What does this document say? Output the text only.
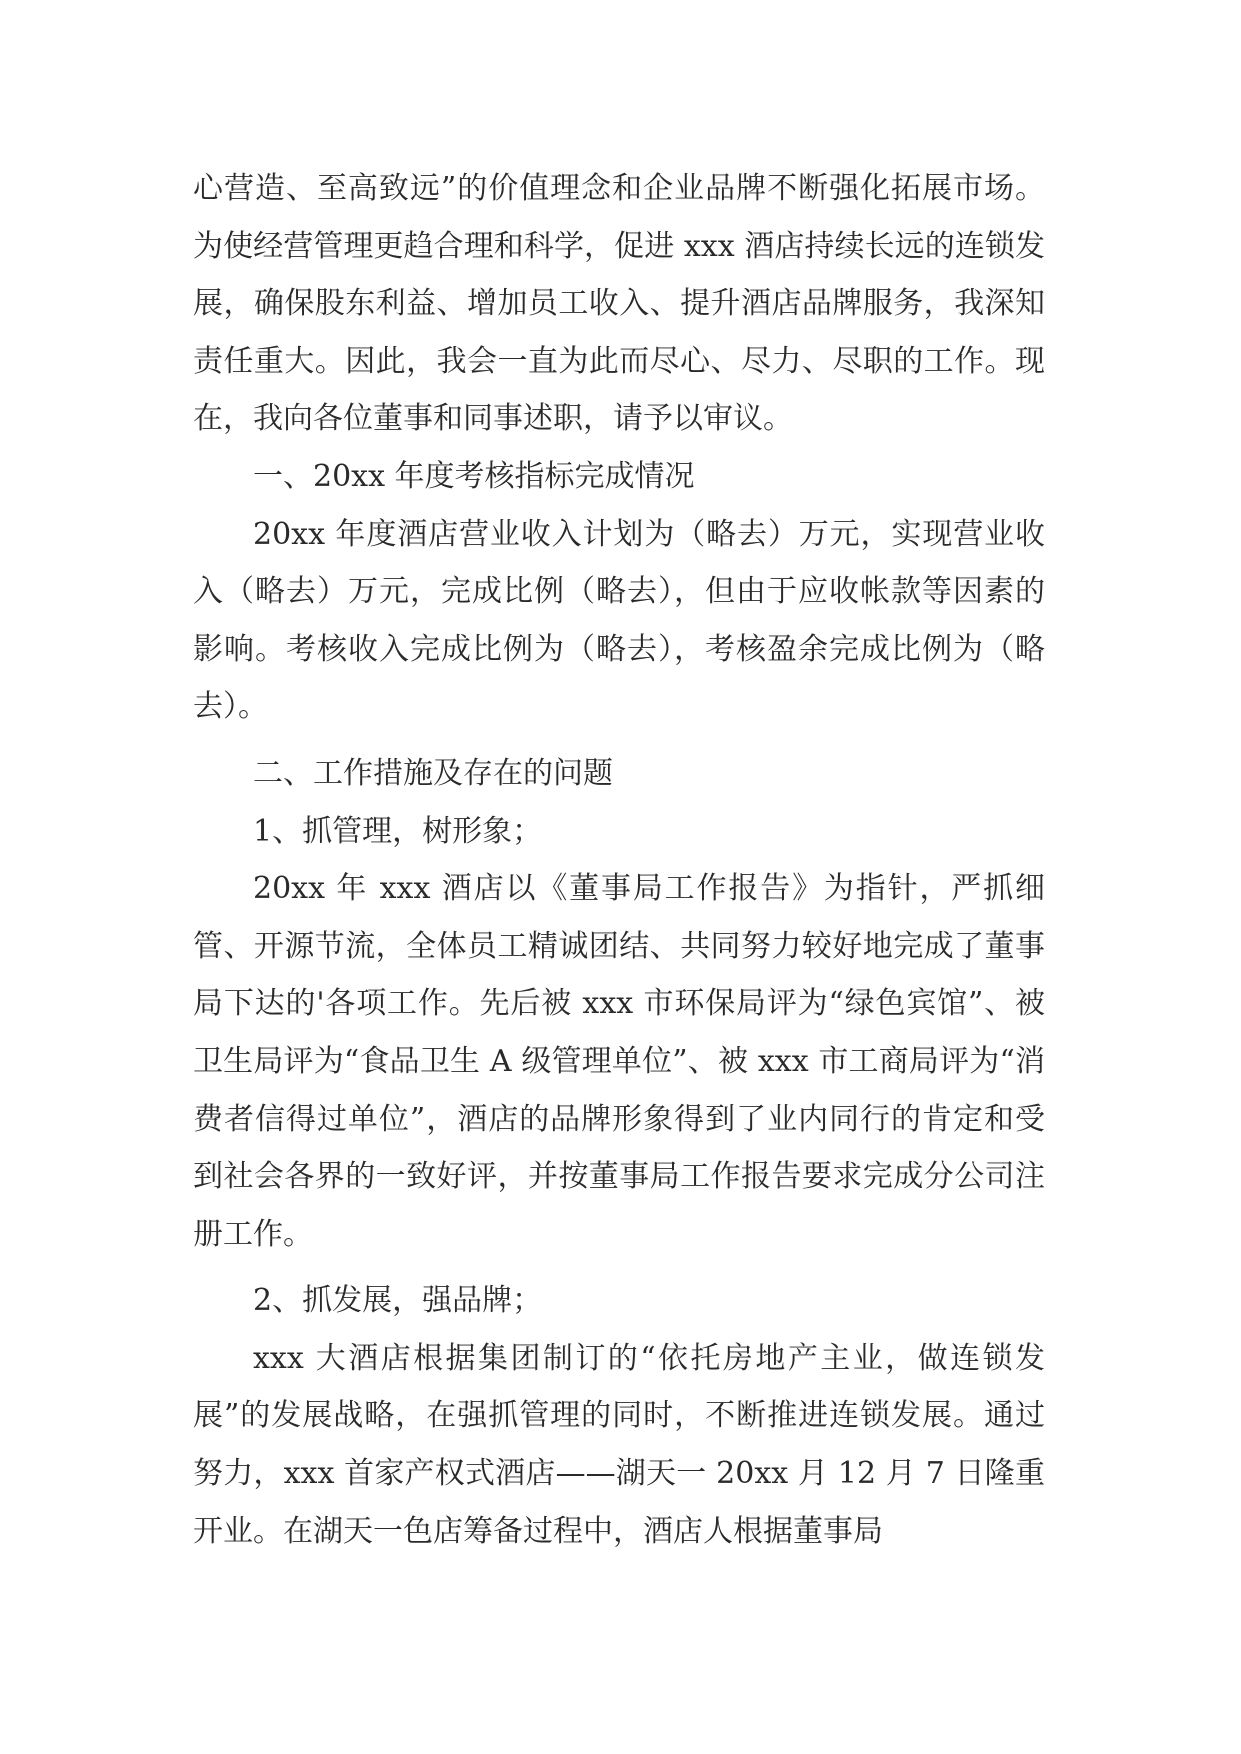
心营造、至高致远”的价值理念和企业品牌不断强化拓展市场。为使经营管理更趋合理和科学，促进 xxx 酒店持续长远的连锁发展，确保股东利益、增加员工收入、提升酒店品牌服务，我深知责任重大。因此，我会一直为此而尽心、尽力、尽职的工作。现在，我向各位董事和同事述职，请予以审议。

一、20xx 年度考核指标完成情况

20xx 年度酒店营业收入计划为（略去）万元，实现营业收入（略去）万元，完成比例（略去），但由于应收帐款等因素的影响。考核收入完成比例为（略去），考核盈余完成比例为（略去）。

二、工作措施及存在的问题

1、抓管理，树形象；

20xx 年 xxx 酒店以《董事局工作报告》为指针，严抓细管、开源节流，全体员工精诚团结、共同努力较好地完成了董事局下达的'各项工作。先后被 xxx 市环保局评为“绿色宾馆”、被卫生局评为“食品卫生 A 级管理单位”、被 xxx 市工商局评为“消费者信得过单位”，酒店的品牌形象得到了业内同行的肯定和受到社会各界的一致好评，并按董事局工作报告要求完成分公司注册工作。

2、抓发展，强品牌；

xxx 大酒店根据集团制订的“依托房地产主业，做连锁发展”的发展战略，在强抓管理的同时，不断推进连锁发展。通过努力，xxx 首家产权式酒店——湖天一 20xx 月 12 月 7 日隆重开业。在湖天一色店筹备过程中，酒店人根据董事局
